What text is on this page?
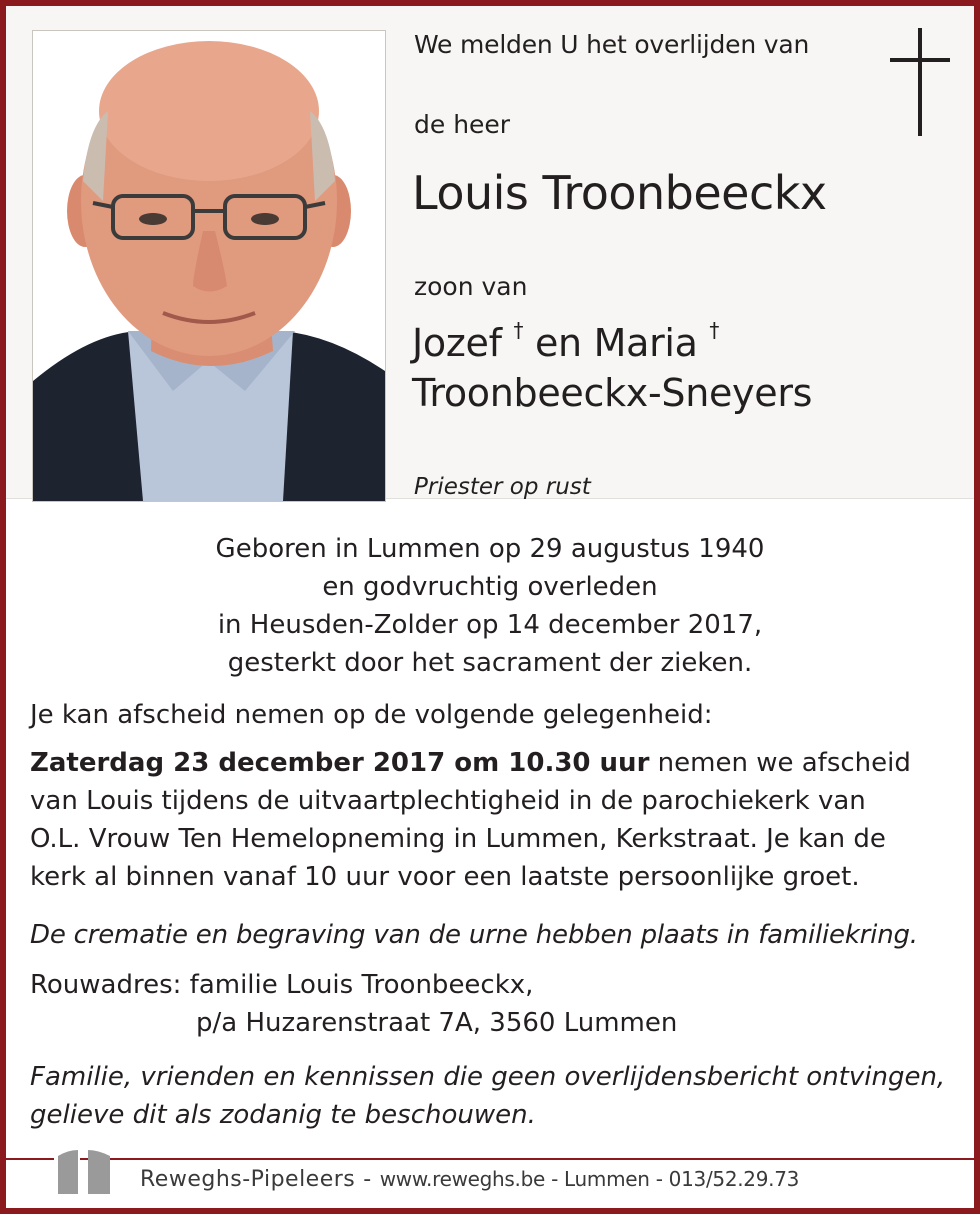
We melden U het overlijden van
de heer
Louis Troonbeeckx
zoon van
Jozef † en Maria †
Troonbeeckx-Sneyers
Priester op rust
Geboren in Lummen op 29 augustus 1940
en godvruchtig overleden
in Heusden-Zolder op 14 december 2017,
gesterkt door het sacrament der zieken.
Je kan afscheid nemen op de volgende gelegenheid:
Zaterdag 23 december 2017 om 10.30 uur nemen we afscheid
van Louis tijdens de uitvaartplechtigheid in de parochiekerk van
O.L. Vrouw Ten Hemelopneming in Lummen, Kerkstraat. Je kan de
kerk al binnen vanaf 10 uur voor een laatste persoonlijke groet.
De crematie en begraving van de urne hebben plaats in familiekring.
Rouwadres: familie Louis Troonbeeckx,
p/a Huzarenstraat 7A, 3560 Lummen
Familie, vrienden en kennissen die geen overlijdensbericht ontvingen,
gelieve dit als zodanig te beschouwen.
Reweghs-Pipeleers - www.reweghs.be - Lummen - 013/52.29.73
